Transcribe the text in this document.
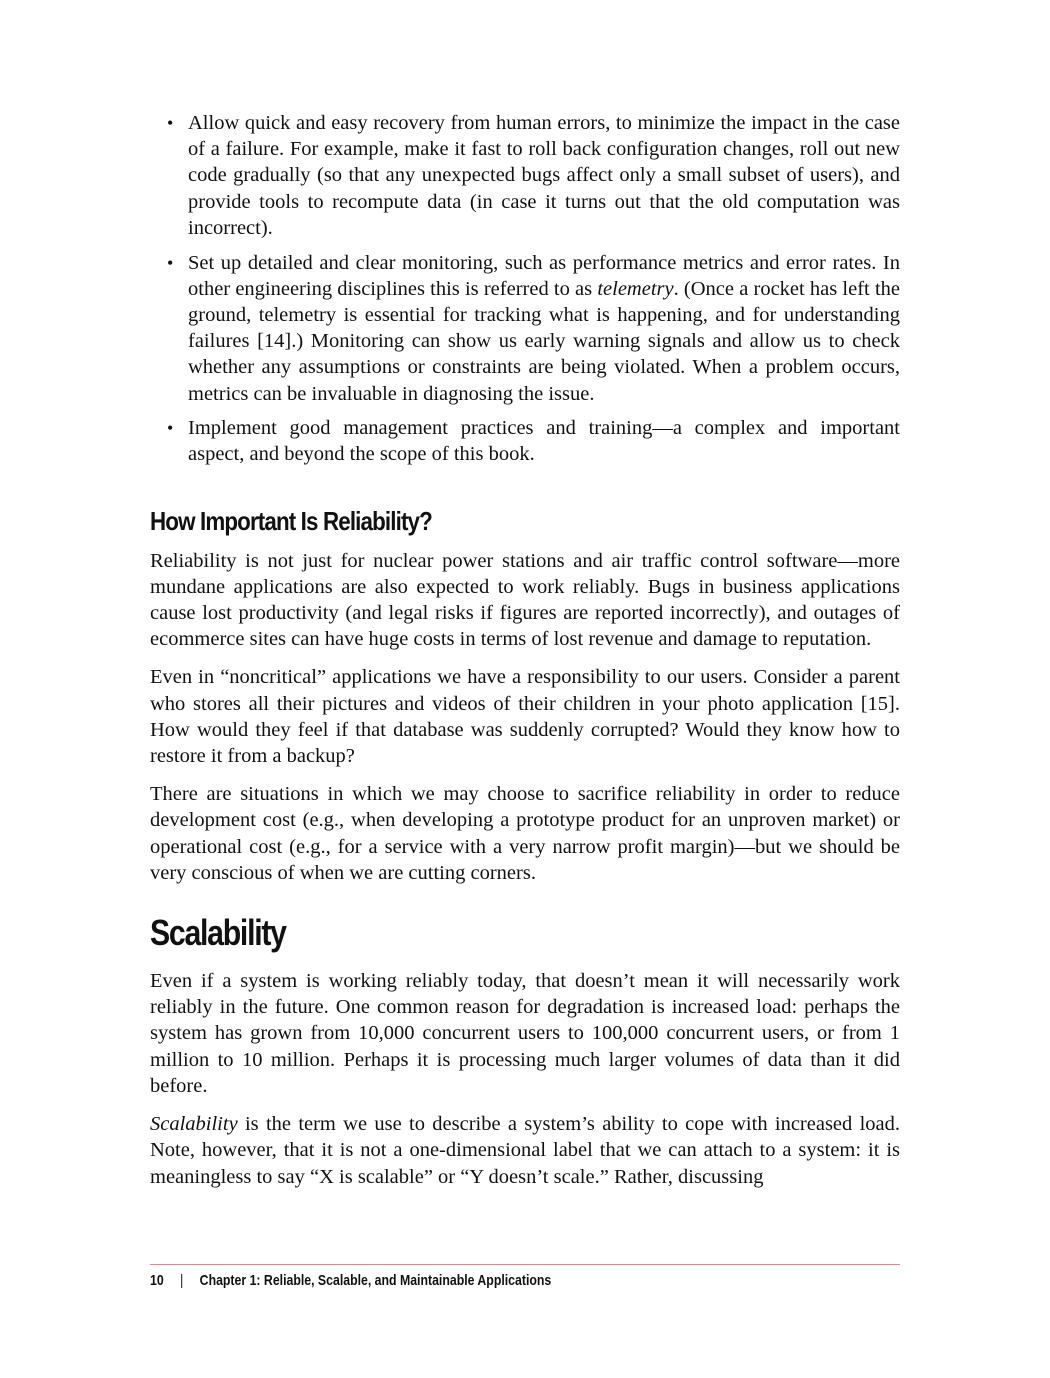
• Allow quick and easy recovery from human errors, to minimize the impact in the case of a failure. For example, make it fast to roll back configuration changes, roll out new code gradually (so that any unexpected bugs affect only a small subset of users), and provide tools to recompute data (in case it turns out that the old computation was incorrect).
• Set up detailed and clear monitoring, such as performance metrics and error rates. In other engineering disciplines this is referred to as telemetry. (Once a rocket has left the ground, telemetry is essential for tracking what is happening, and for understanding failures [14].) Monitoring can show us early warning signals and allow us to check whether any assumptions or constraints are being violated. When a problem occurs, metrics can be invaluable in diagnosing the issue.
• Implement good management practices and training—a complex and important aspect, and beyond the scope of this book.
How Important Is Reliability?

Reliability is not just for nuclear power stations and air traffic control software—more mundane applications are also expected to work reliably. Bugs in business applications cause lost productivity (and legal risks if figures are reported incorrectly), and outages of ecommerce sites can have huge costs in terms of lost revenue and damage to reputation.

Even in “noncritical” applications we have a responsibility to our users. Consider a parent who stores all their pictures and videos of their children in your photo application [15]. How would they feel if that database was suddenly corrupted? Would they know how to restore it from a backup?

There are situations in which we may choose to sacrifice reliability in order to reduce development cost (e.g., when developing a prototype product for an unproven market) or operational cost (e.g., for a service with a very narrow profit margin)—but we should be very conscious of when we are cutting corners.

Scalability

Even if a system is working reliably today, that doesn’t mean it will necessarily work reliably in the future. One common reason for degradation is increased load: perhaps the system has grown from 10,000 concurrent users to 100,000 concurrent users, or from 1 million to 10 million. Perhaps it is processing much larger volumes of data than it did before.

Scalability is the term we use to describe a system’s ability to cope with increased load. Note, however, that it is not a one-dimensional label that we can attach to a system: it is meaningless to say “X is scalable” or “Y doesn’t scale.” Rather, discussing

10 | Chapter 1: Reliable, Scalable, and Maintainable Applications
